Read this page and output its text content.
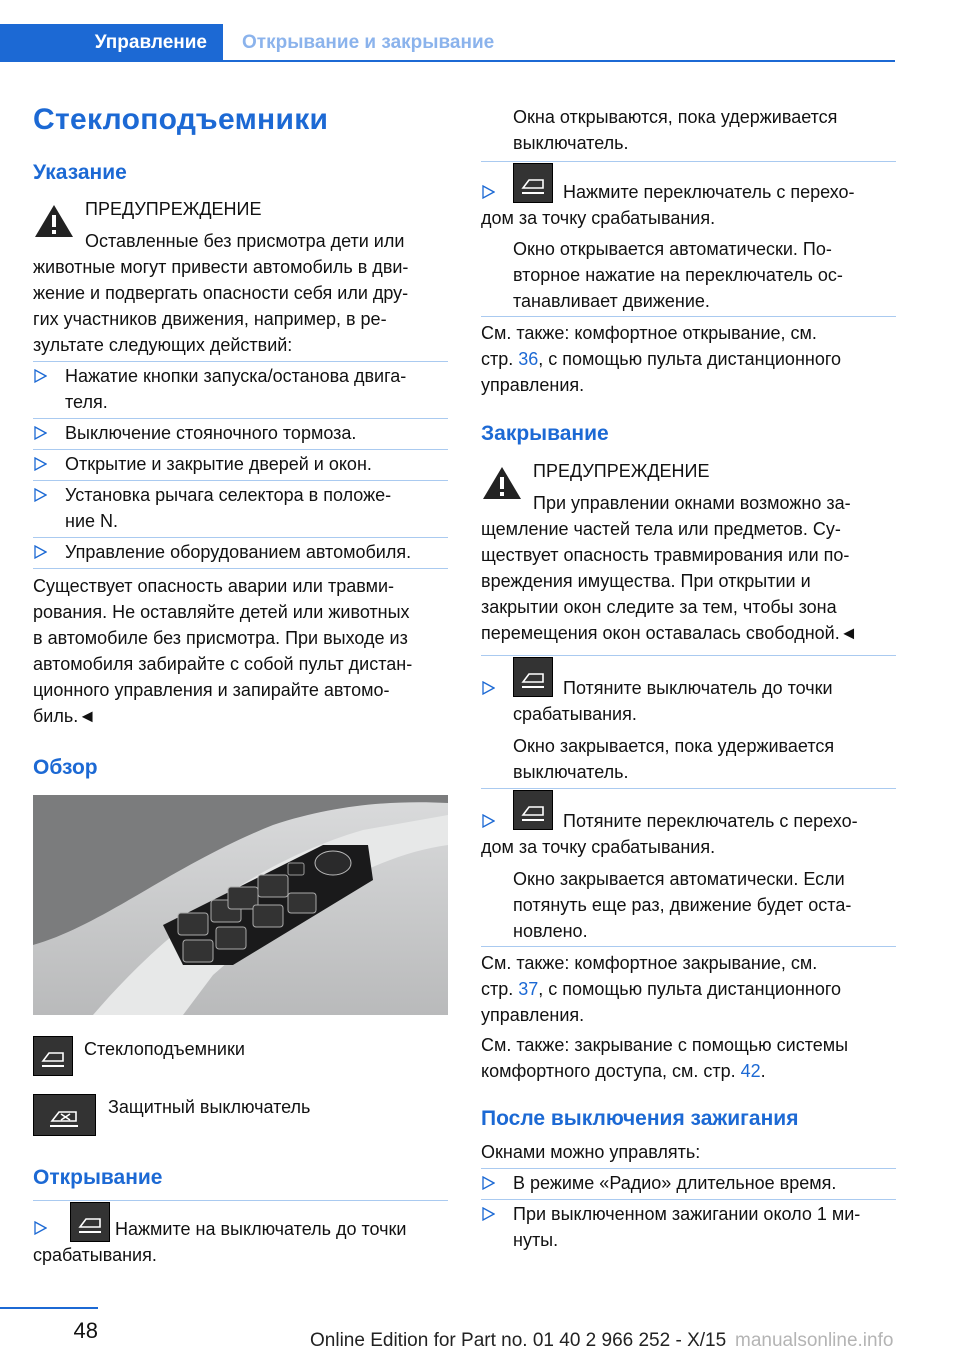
Управление	Открывание и закрывание
Стеклоподъемники
Указание
ПРЕДУПРЕЖДЕНИЕ
Оставленные без присмотра дети или
животные могут привести автомобиль в дви‐
жение и подвергать опасности себя или дру‐
гих участников движения, например, в ре‐
зультате следующих действий:
Нажатие кнопки запуска/останова двига‐
теля.
Выключение стояночного тормоза.
Открытие и закрытие дверей и окон.
Установка рычага селектора в положе‐
ние N.
Управление оборудованием автомобиля.
Существует опасность аварии или травми‐
рования. Не оставляйте детей или животных
в автомобиле без присмотра. При выходе из
автомобиля забирайте с собой пульт дистан‐
ционного управления и запирайте автомо‐
биль.◄
Обзор
Стеклоподъемники
Защитный выключатель
Открывание
Нажмите на выключатель до точки
срабатывания.
Окна открываются, пока удерживается
выключатель.
Нажмите переключатель с перехо‐
дом за точку срабатывания.
Окно открывается автоматически. По‐
вторное нажатие на переключатель ос‐
танавливает движение.
См. также: комфортное открывание, см.
стр. 36, с помощью пульта дистанционного
управления.
Закрывание
ПРЕДУПРЕЖДЕНИЕ
При управлении окнами возможно за‐
щемление частей тела или предметов. Су‐
ществует опасность травмирования или по‐
вреждения имущества. При открытии и
закрытии окон следите за тем, чтобы зона
перемещения окон оставалась свободной.◄
Потяните выключатель до точки
срабатывания.
Окно закрывается, пока удерживается
выключатель.
Потяните переключатель с перехо‐
дом за точку срабатывания.
Окно закрывается автоматически. Если
потянуть еще раз, движение будет оста‐
новлено.
См. также: комфортное закрывание, см.
стр. 37, с помощью пульта дистанционного
управления.
См. также: закрывание с помощью системы
комфортного доступа, см. стр. 42.
После выключения зажигания
Окнами можно управлять:
В режиме «Радио» длительное время.
При выключенном зажигании около 1 ми‐
нуты.
48	Online Edition for Part no. 01 40 2 966 252 - X/15 manualsonline.info
